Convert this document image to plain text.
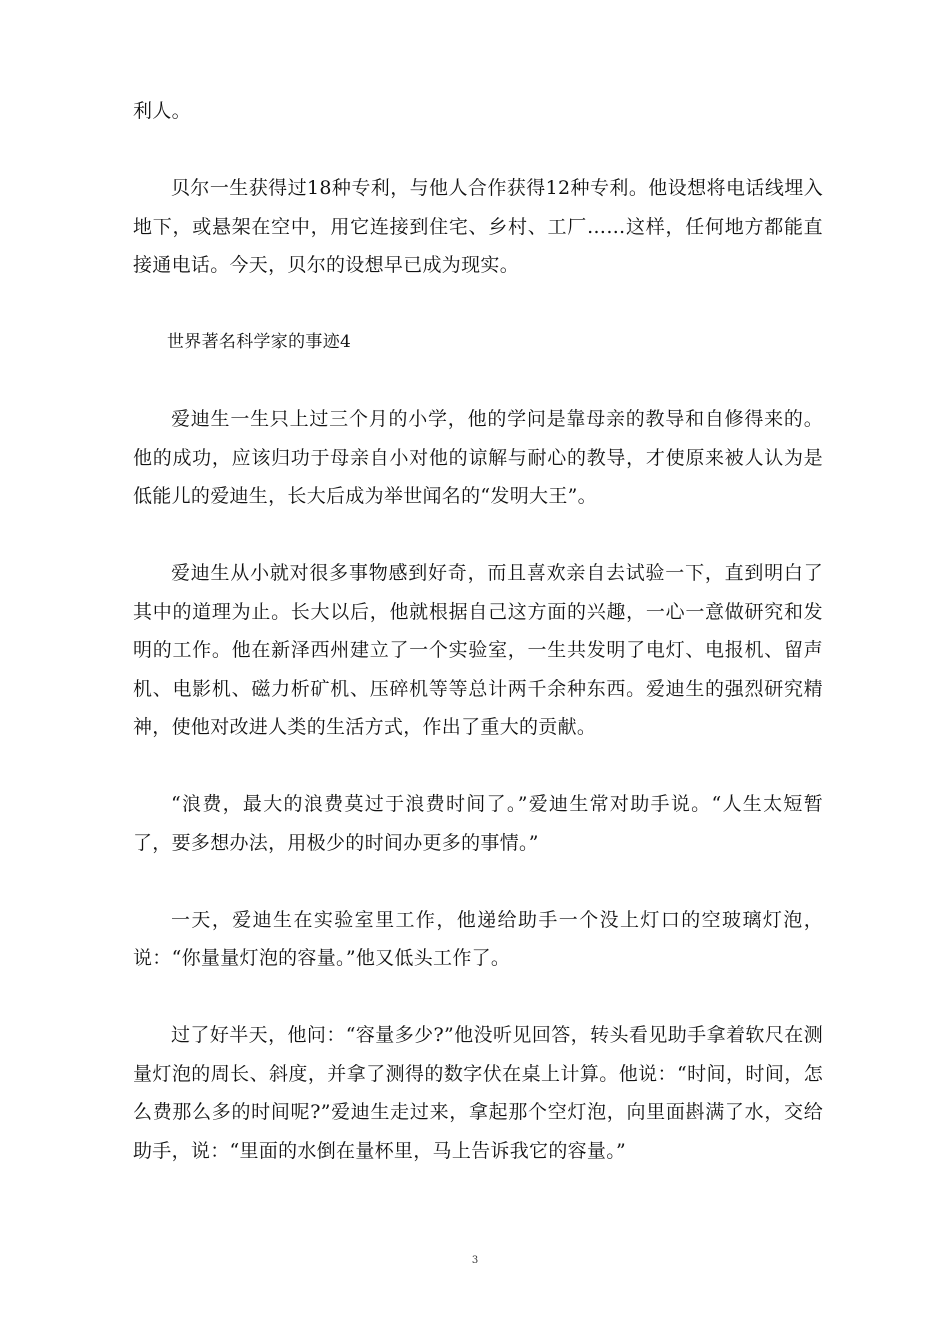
利人。

贝尔一生获得过18种专利，与他人合作获得12种专利。他设想将电话线埋入地下，或悬架在空中，用它连接到住宅、乡村、工厂……这样，任何地方都能直接通电话。今天，贝尔的设想早已成为现实。

世界著名科学家的事迹4

爱迪生一生只上过三个月的小学，他的学问是靠母亲的教导和自修得来的。他的成功，应该归功于母亲自小对他的谅解与耐心的教导，才使原来被人认为是低能儿的爱迪生，长大后成为举世闻名的“发明大王”。

爱迪生从小就对很多事物感到好奇，而且喜欢亲自去试验一下，直到明白了其中的道理为止。长大以后，他就根据自己这方面的兴趣，一心一意做研究和发明的工作。他在新泽西州建立了一个实验室，一生共发明了电灯、电报机、留声机、电影机、磁力析矿机、压碎机等等总计两千余种东西。爱迪生的强烈研究精神，使他对改进人类的生活方式，作出了重大的贡献。

“浪费，最大的浪费莫过于浪费时间了。”爱迪生常对助手说。“人生太短暂了，要多想办法，用极少的时间办更多的事情。”

一天，爱迪生在实验室里工作，他递给助手一个没上灯口的空玻璃灯泡，说：“你量量灯泡的容量。”他又低头工作了。

过了好半天，他问：“容量多少?”他没听见回答，转头看见助手拿着软尺在测量灯泡的周长、斜度，并拿了测得的数字伏在桌上计算。他说：“时间，时间，怎么费那么多的时间呢?”爱迪生走过来，拿起那个空灯泡，向里面斟满了水，交给助手，说：“里面的水倒在量杯里，马上告诉我它的容量。”

3
